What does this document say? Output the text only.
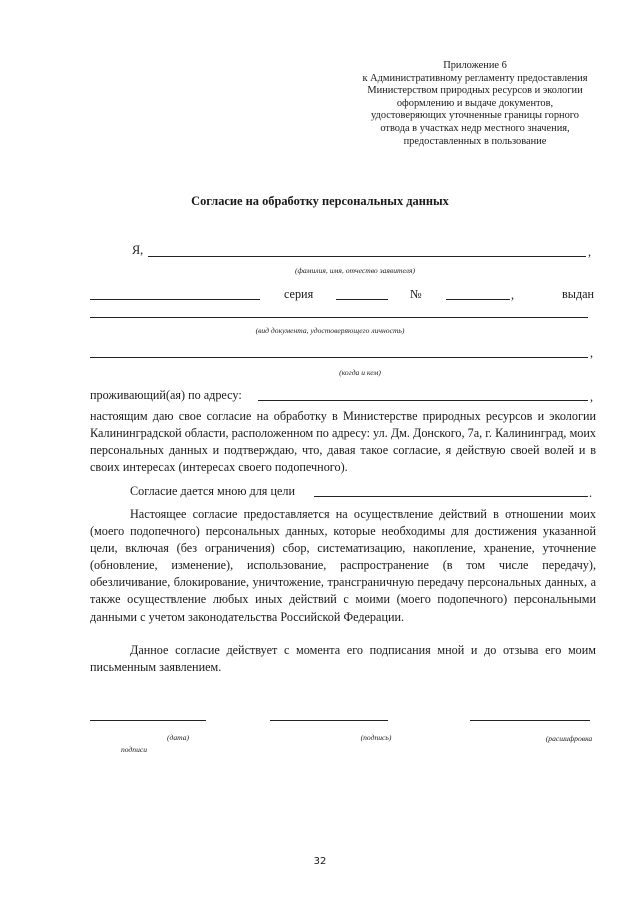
Приложение 6
к Административному регламенту предоставления
Министерством природных ресурсов и экологии
оформлению и выдаче документов,
удостоверяющих уточненные границы горного
отвода в участках недр местного значения,
предоставленных в пользование
Согласие на обработку персональных данных
Я,	,
(фамилия, имя, отчество заявителя)
серия	№	,	выдан
(вид документа, удостоверяющего личность)
,
(когда и кем)
проживающий(ая) по адресу:	,
настоящим даю свое согласие на обработку в Министерстве природных ресурсов и экологии Калининградской области, расположенном по адресу: ул. Дм. Донского, 7а, г. Калининград, моих персональных данных и подтверждаю, что, давая такое согласие, я действую своей волей и в своих интересах (интересах своего подопечного).
Согласие дается мною для цели	.
Настоящее согласие предоставляется на осуществление действий в отношении моих (моего подопечного) персональных данных, которые необходимы для достижения указанной цели, включая (без ограничения) сбор, систематизацию, накопление, хранение, уточнение (обновление, изменение), использование, распространение (в том числе передачу), обезличивание, блокирование, уничтожение, трансграничную передачу персональных данных, а также осуществление любых иных действий с моими (моего подопечного) персональными данными с учетом законодательства Российской Федерации.
Данное согласие действует с момента его подписания мной и до отзыва его моим письменным заявлением.
(дата)	(подпись)	(расшифровка
подписи
32
